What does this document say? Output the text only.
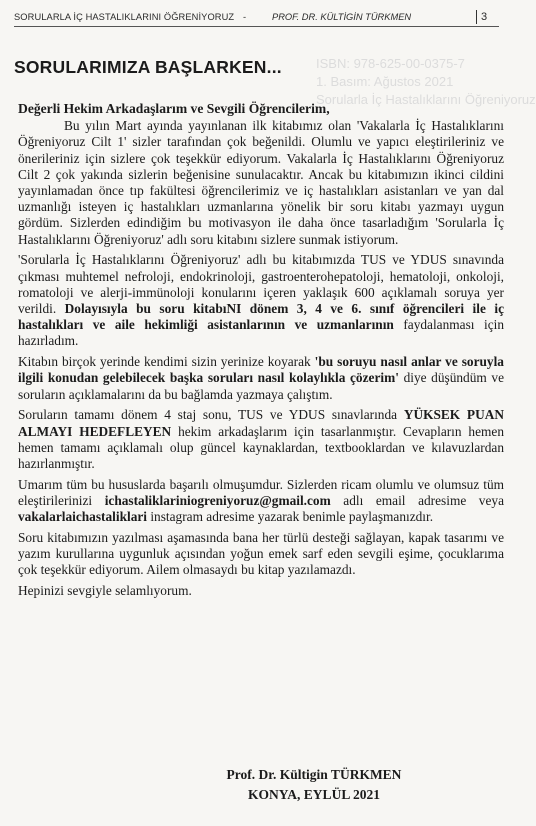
SORULARLA İÇ HASTALIKLARINI ÖĞRENİYORUZ -	PROF. DR. KÜLTİGİN TÜRKMEN	3
ISBN: 978-625-00-0375-7
1. Basım: Ağustos 2021
Sorularla İç Hastalıklarını Öğreniyoruz
SORULARIMIZA BAŞLARKEN...

Değerli Hekim Arkadaşlarım ve Sevgili Öğrencilerim,

Bu yılın Mart ayında yayınlanan ilk kitabımız olan 'Vakalarla İç Hastalıklarını Öğreniyoruz Cilt 1' sizler tarafından çok beğenildi. Olumlu ve yapıcı eleştirileriniz ve önerileriniz için sizlere çok teşekkür ediyorum. Vakalarla İç Hastalıklarını Öğreniyoruz Cilt 2 çok yakında sizlerin beğenisine sunulacaktır. Ancak bu kitabımızın ikinci cildini yayınlamadan önce tıp fakültesi öğrencilerimiz ve iç hastalıkları asistanları ve yan dal uzmanlığı isteyen iç hastalıkları uzmanlarına yönelik bir soru kitabı yazmayı uygun gördüm. Sizlerden edindiğim bu motivasyon ile daha önce tasarladığım 'Sorularla İç Hastalıklarını Öğreniyoruz' adlı soru kitabını sizlere sunmak istiyorum.

'Sorularla İç Hastalıklarını Öğreniyoruz' adlı bu kitabımızda TUS ve YDUS sınavında çıkması muhtemel nefroloji, endokrinoloji, gastroenterohepatoloji, hematoloji, onkoloji, romatoloji ve alerji-immünoloji konularını içeren yaklaşık 600 açıklamalı soruya yer verildi. Dolayısıyla bu soru kitabıNI dönem 3, 4 ve 6. sınıf öğrencileri ile iç hastalıkları ve aile hekimliği asistanlarının ve uzmanlarının faydalanması için hazırladım.

Kitabın birçok yerinde kendimi sizin yerinize koyarak 'bu soruyu nasıl anlar ve soruyla ilgili konudan gelebilecek başka soruları nasıl kolaylıkla çözerim' diye düşündüm ve soruların açıklamalarını da bu bağlamda yazmaya çalıştım.

Soruların tamamı dönem 4 staj sonu, TUS ve YDUS sınavlarında YÜKSEK PUAN ALMAYI HEDEFLEYEN hekim arkadaşlarım için tasarlanmıştır. Cevapların hemen hemen tamamı açıklamalı olup güncel kaynaklardan, textbooklardan ve kılavuzlardan hazırlanmıştır.

Umarım tüm bu hususlarda başarılı olmuşumdur. Sizlerden ricam olumlu ve olumsuz tüm eleştirilerinizi ichastaliklariniogreniyoruz@gmail.com adlı email adresime veya vakalarlaichastaliklari instagram adresime yazarak benimle paylaşmanızdır.

Soru kitabımızın yazılması aşamasında bana her türlü desteği sağlayan, kapak tasarımı ve yazım kurullarına uygunluk açısından yoğun emek sarf eden sevgili eşime, çocuklarıma çok teşekkür ediyorum. Ailem olmasaydı bu kitap yazılamazdı.

Hepinizi sevgiyle selamlıyorum.

Prof. Dr. Kültigin TÜRKMEN
KONYA, EYLÜL 2021
